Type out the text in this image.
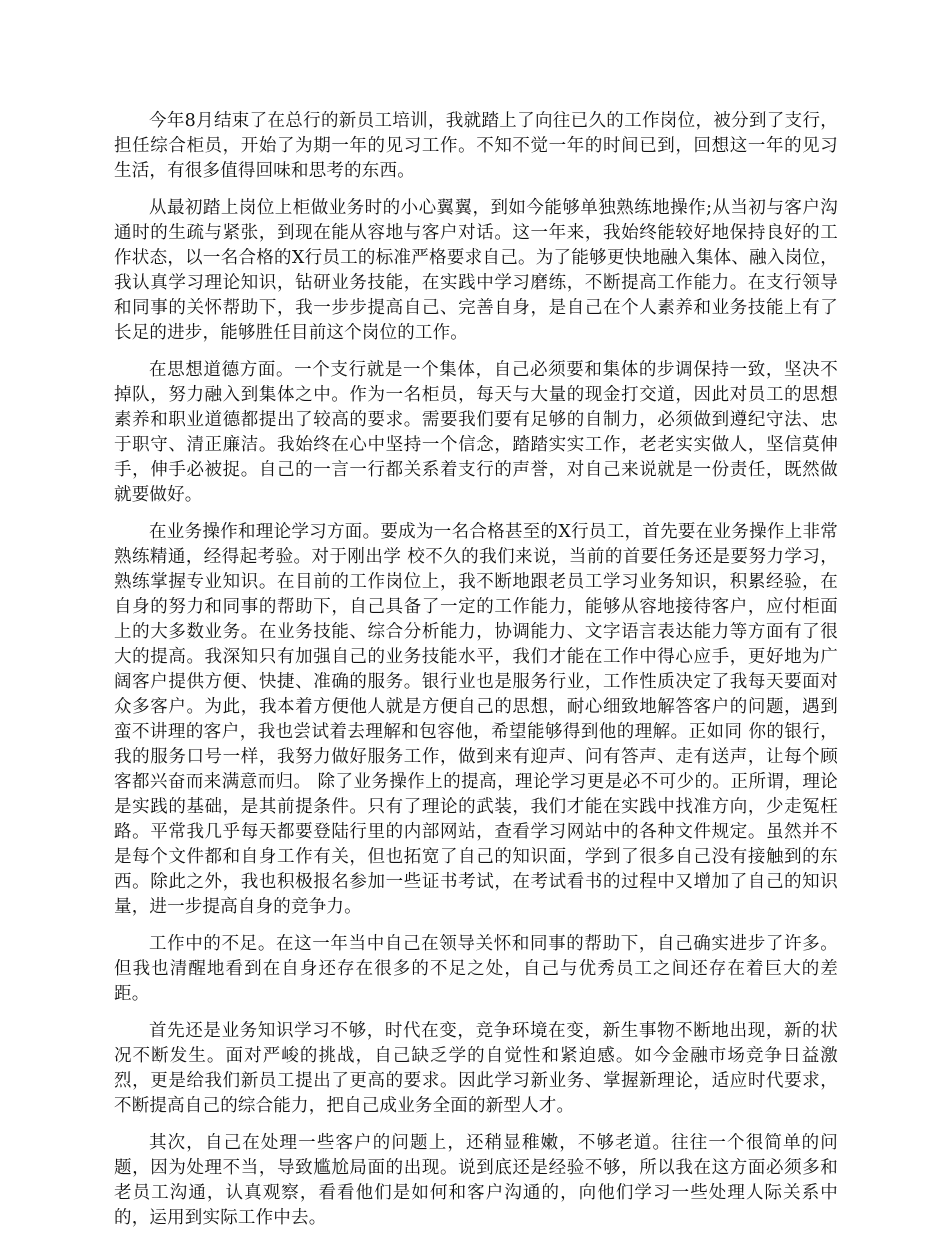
今年8月结束了在总行的新员工培训，我就踏上了向往已久的工作岗位，被分到了支行，担任综合柜员，开始了为期一年的见习工作。不知不觉一年的时间已到，回想这一年的见习生活，有很多值得回味和思考的东西。

从最初踏上岗位上柜做业务时的小心翼翼，到如今能够单独熟练地操作;从当初与客户沟通时的生疏与紧张，到现在能从容地与客户对话。这一年来，我始终能较好地保持良好的工作状态，以一名合格的X行员工的标准严格要求自己。为了能够更快地融入集体、融入岗位，我认真学习理论知识，钻研业务技能，在实践中学习磨练，不断提高工作能力。在支行领导和同事的关怀帮助下，我一步步提高自己、完善自身，是自己在个人素养和业务技能上有了长足的进步，能够胜任目前这个岗位的工作。

在思想道德方面。一个支行就是一个集体，自己必须要和集体的步调保持一致，坚决不掉队，努力融入到集体之中。作为一名柜员，每天与大量的现金打交道，因此对员工的思想素养和职业道德都提出了较高的要求。需要我们要有足够的自制力，必须做到遵纪守法、忠于职守、清正廉洁。我始终在心中坚持一个信念，踏踏实实工作，老老实实做人，坚信莫伸手，伸手必被捉。自己的一言一行都关系着支行的声誉，对自己来说就是一份责任，既然做就要做好。

在业务操作和理论学习方面。要成为一名合格甚至的X行员工，首先要在业务操作上非常熟练精通，经得起考验。对于刚出学 校不久的我们来说，当前的首要任务还是要努力学习，熟练掌握专业知识。在目前的工作岗位上，我不断地跟老员工学习业务知识，积累经验，在自身的努力和同事的帮助下，自己具备了一定的工作能力，能够从容地接待客户，应付柜面上的大多数业务。在业务技能、综合分析能力，协调能力、文字语言表达能力等方面有了很大的提高。我深知只有加强自己的业务技能水平，我们才能在工作中得心应手，更好地为广阔客户提供方便、快捷、准确的服务。银行业也是服务行业，工作性质决定了我每天要面对众多客户。为此，我本着方便他人就是方便自己的思想，耐心细致地解答客户的问题，遇到蛮不讲理的客户，我也尝试着去理解和包容他，希望能够得到他的理解。正如同 你的银行，我的服务口号一样，我努力做好服务工作，做到来有迎声、问有答声、走有送声，让每个顾客都兴奋而来满意而归。 除了业务操作上的提高，理论学习更是必不可少的。正所谓，理论是实践的基础，是其前提条件。只有了理论的武装，我们才能在实践中找准方向，少走冤枉路。平常我几乎每天都要登陆行里的内部网站，查看学习网站中的各种文件规定。虽然并不是每个文件都和自身工作有关，但也拓宽了自己的知识面，学到了很多自己没有接触到的东西。除此之外，我也积极报名参加一些证书考试，在考试看书的过程中又增加了自己的知识量，进一步提高自身的竞争力。

工作中的不足。在这一年当中自己在领导关怀和同事的帮助下，自己确实进步了许多。但我也清醒地看到在自身还存在很多的不足之处，自己与优秀员工之间还存在着巨大的差距。

首先还是业务知识学习不够，时代在变，竞争环境在变，新生事物不断地出现，新的状况不断发生。面对严峻的挑战，自己缺乏学的自觉性和紧迫感。如今金融市场竞争日益激烈，更是给我们新员工提出了更高的要求。因此学习新业务、掌握新理论，适应时代要求，不断提高自己的综合能力，把自己成业务全面的新型人才。

其次，自己在处理一些客户的问题上，还稍显稚嫩，不够老道。往往一个很简单的问题，因为处理不当，导致尴尬局面的出现。说到底还是经验不够，所以我在这方面必须多和老员工沟通，认真观察，看看他们是如何和客户沟通的，向他们学习一些处理人际关系中的，运用到实际工作中去。
